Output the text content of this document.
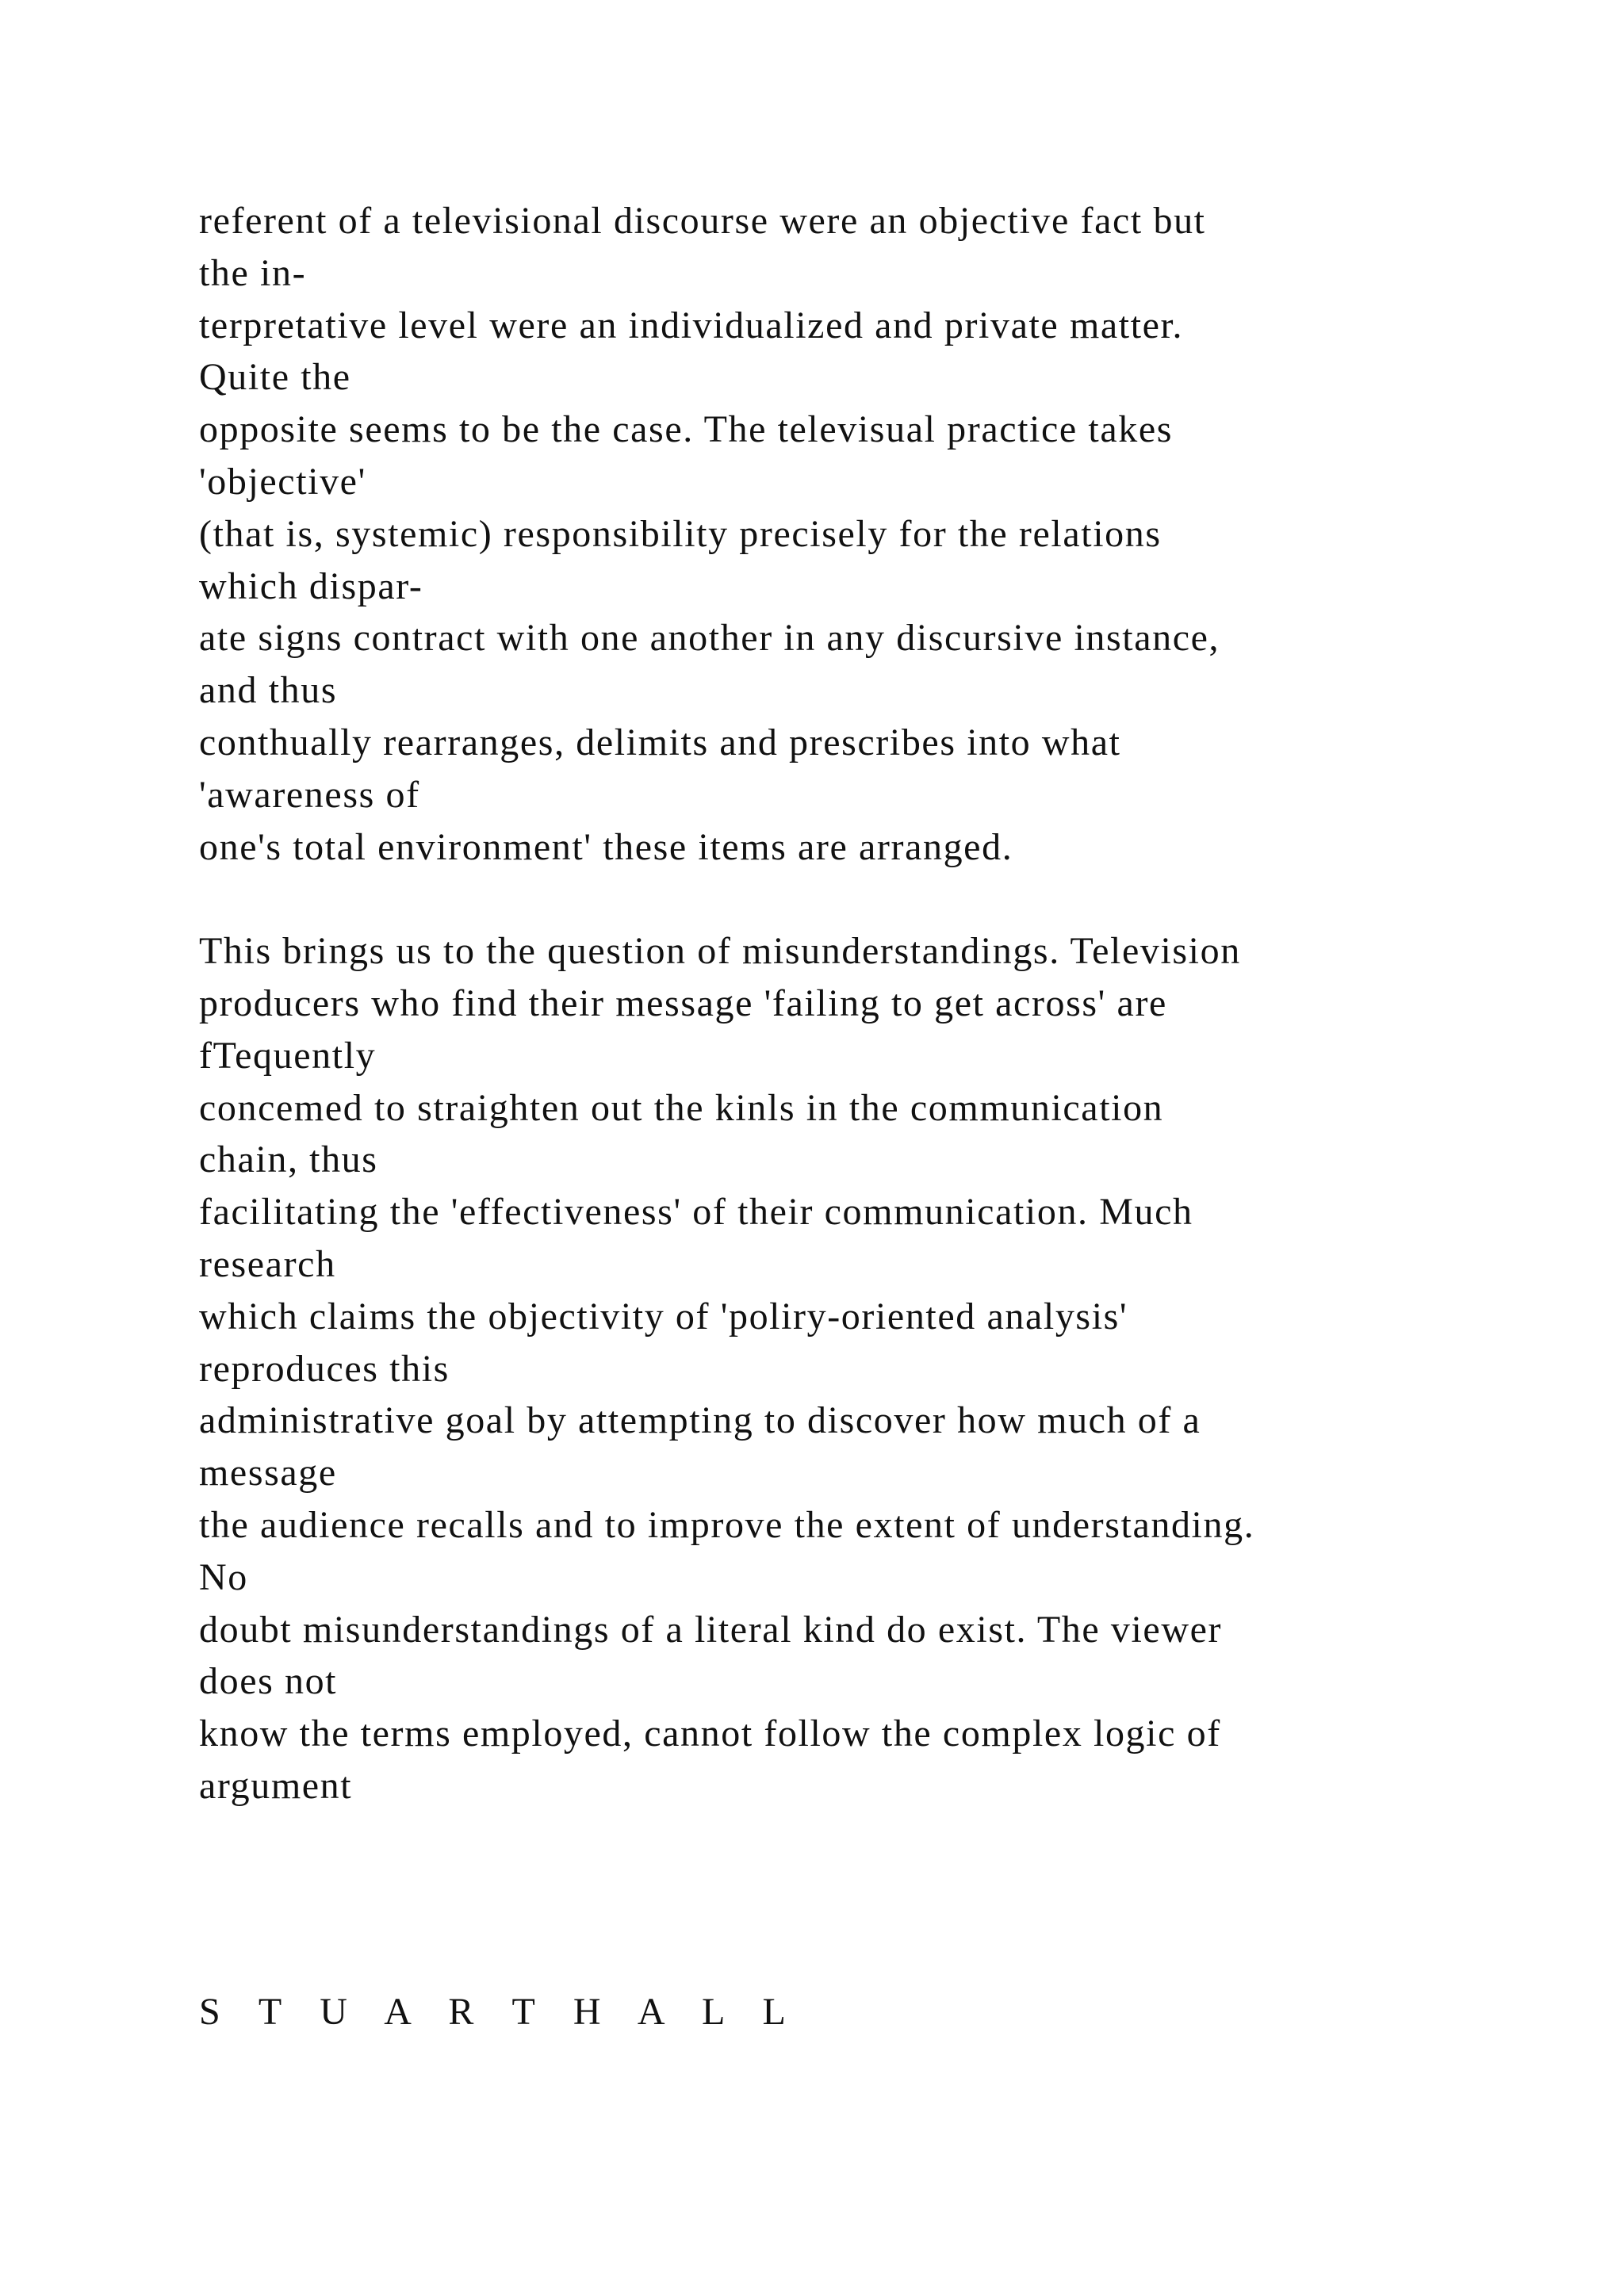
referent of a televisional discourse were an objective fact but
the in-
terpretative level were an individualized and private matter.
Quite the
opposite seems to be the case. The televisual practice takes
'objective'
(that is, systemic) responsibility precisely for the relations
which dispar-
ate signs contract with one another in any discursive instance,
and thus
conthually rearranges, delimits and prescribes into what
'awareness of
one's total environment' these items are arranged.
This brings us to the question of misunderstandings. Television
producers who find their message 'failing to get across' are
fTequently
concemed to straighten out the kinls in the communication
chain, thus
facilitating the 'effectiveness' of their communication. Much
research
which claims the objectivity of 'poliry-oriented analysis'
reproduces this
administrative goal by attempting to discover how much of a
message
the audience recalls and to improve the extent of understanding.
No
doubt misunderstandings of a literal kind do exist. The viewer
does not
know the terms employed, cannot follow the complex logic of
argument
S T U A R T H A L L
